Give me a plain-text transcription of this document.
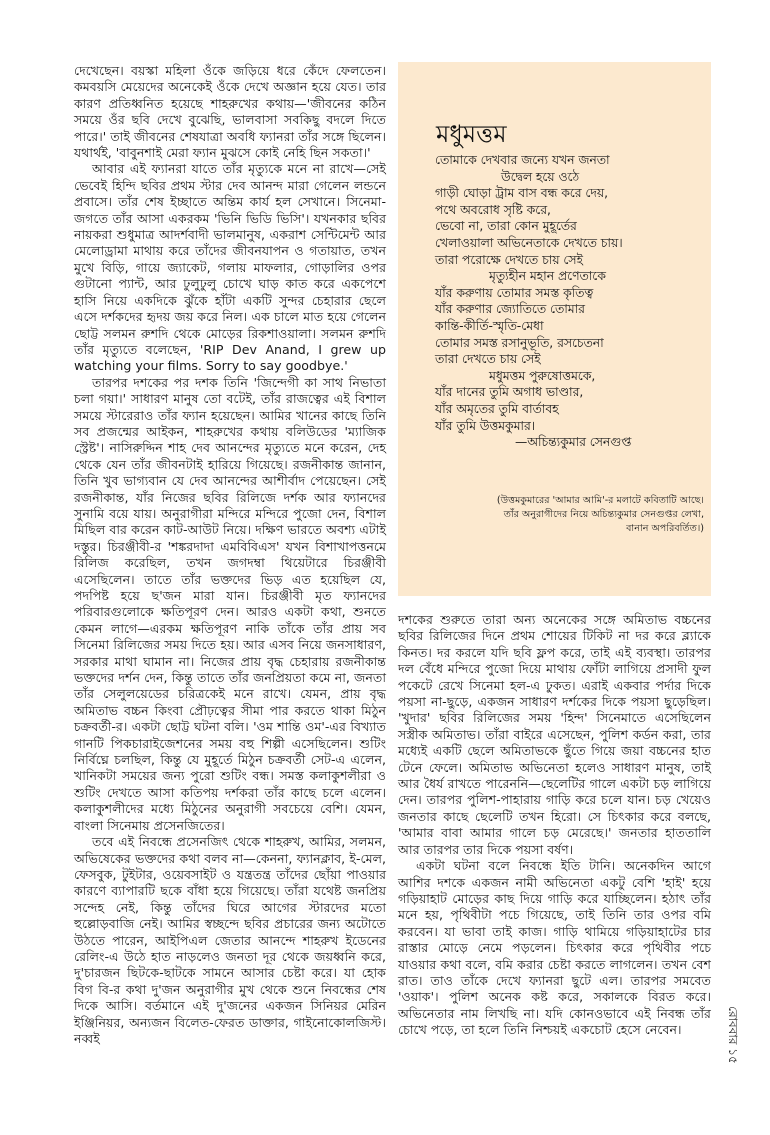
দেখেছেন। বয়স্কা মহিলা ওঁকে জড়িয়ে ধরে কেঁদে ফেলতেন। কমবয়সি মেয়েদের অনেকেই ওঁকে দেখে অজ্ঞান হয়ে যেত। তার কারণ প্রতিধ্বনিত হয়েছে শাহরুখের কথায়—'জীবনের কঠিন সময়ে ওঁর ছবি দেখে বুঝেছি, ভালবাসা সবকিছু বদলে দিতে পারে।' তাই জীবনের শেষযাত্রা অবধি ফ্যানরা তাঁর সঙ্গে ছিলেন। যথার্থই, 'বাবুনশাই মেরা ফ্যান মুঝসে কোই নেহি ছিন সকতা।'

আবার এই ফ্যানরা যাতে তাঁর মৃত্যুকে মনে না রাখে—সেই ভেবেই হিন্দি ছবির প্রথম স্টার দেব আনন্দ মারা গেলেন লন্ডনে প্রবাসে। তাঁর শেষ ইচ্ছাতে অন্তিম কার্য হল সেখানে। সিনেমা-জগতে তাঁর আসা একরকম 'ভিনি ভিডি ভিসি'। যখনকার ছবির নায়করা শুধুমাত্র আদর্শবাদী ভালমানুষ, একরাশ সেন্টিমেন্ট আর মেলোড্রামা মাথায় করে তাঁদের জীবনযাপন ও গতায়াত, তখন মুখে বিড়ি, গায়ে জ্যাকেট, গলায় মাফলার, গোড়ালির ওপর গুটানো প্যান্ট, আর ঢুলুঢুলু চোখে ঘাড় কাত করে একপেশে হাসি নিয়ে একদিকে ঝুঁকে হাঁটা একটি সুন্দর চেহারার ছেলে এসে দর্শকদের হৃদয় জয় করে নিল। এক চালে মাত হয়ে গেলেন ছোট্ট সলমন রুশদি থেকে মোড়ের রিকশাওয়ালা। সলমন রুশদি তাঁর মৃত্যুতে বলেছেন, 'RIP Dev Anand, I grew up watching your films. Sorry to say goodbye.'

তারপর দশকের পর দশক তিনি 'জিন্দেগী কা সাথ নিভাতা চলা গয়া।' সাধারণ মানুষ তো বটেই, তাঁর রাজত্বের এই বিশাল সময়ে স্টারেরাও তাঁর ফ্যান হয়েছেন। আমির খানের কাছে তিনি সব প্রজন্মের আইকন, শাহরুখের কথায় বলিউডের 'ম্যাজিক স্ট্রেষ্ট'। নাসিরুদ্দিন শাহ দেব আনন্দের মৃত্যুতে মনে করেন, দেহ থেকে যেন তাঁর জীবনটাই হারিয়ে গিয়েছে। রজনীকান্ত জানান, তিনি খুব ভাগ্যবান যে দেব আনন্দের আশীর্বাদ পেয়েছেন। সেই রজনীকান্ত, যাঁর নিজের ছবির রিলিজে দর্শক আর ফ্যানদের সুনামি বয়ে যায়। অনুরাগীরা মন্দিরে মন্দিরে পুজো দেন, বিশাল মিছিল বার করেন কাট-আউট নিয়ে। দক্ষিণ ভারতে অবশ্য এটাই দস্তুর। চিরঞ্জীবী-র 'শঙ্করদাদা এমবিবিএস' যখন বিশাখাপত্তনমে রিলিজ করেছিল, তখন জগদম্বা থিয়েটারে চিরঞ্জীবী এসেছিলেন। তাতে তাঁর ভক্তদের ভিড় এত হয়েছিল যে, পদপিষ্ট হয়ে ছ'জন মারা যান। চিরঞ্জীবী মৃত ফ্যানদের পরিবারগুলোকে ক্ষতিপূরণ দেন। আরও একটা কথা, শুনতে কেমন লাগে—এরকম ক্ষতিপূরণ নাকি তাঁকে তাঁর প্রায় সব সিনেমা রিলিজের সময় দিতে হয়। আর এসব নিয়ে জনসাধারণ, সরকার মাথা ঘামান না। নিজের প্রায় বৃদ্ধ চেহারায় রজনীকান্ত ভক্তদের দর্শন দেন, কিন্তু তাতে তাঁর জনপ্রিয়তা কমে না, জনতা তাঁর সেলুলয়েডের চরিত্রকেই মনে রাখে। যেমন, প্রায় বৃদ্ধ অমিতাভ বচ্চন কিংবা প্রৌঢ়ত্বের সীমা পার করতে থাকা মিঠুন চক্রবর্তী-র। একটা ছোট্ট ঘটনা বলি। 'ওম শান্তি ওম'-এর বিখ্যাত গানটি পিকচারাইজেশনের সময় বহু শিল্পী এসেছিলেন। শুটিং নির্বিঘ্নে চলছিল, কিন্তু যে মুহূর্তে মিঠুন চক্রবর্তী সেট-এ এলেন, খানিকটা সময়ের জন্য পুরো শুটিং বন্ধ। সমস্ত কলাকুশলীরা ও শুটিং দেখতে আসা কতিপয় দর্শকরা তাঁর কাছে চলে এলেন। কলাকুশলীদের মধ্যে মিঠুনের অনুরাগী সবচেয়ে বেশি। যেমন, বাংলা সিনেমায় প্রসেনজিতের।

তবে এই নিবন্ধে প্রসেনজিৎ থেকে শাহরুখ, আমির, সলমন, অভিষেকের ভক্তদের কথা বলব না—কেননা, ফ্যানক্লাব, ই-মেল, ফেসবুক, টুইটার, ওয়েবসাইট ও যন্ত্রতন্ত্র তাঁদের ছোঁয়া পাওয়ার কারণে ব্যাপারটি ছকে বাঁধা হয়ে গিয়েছে। তাঁরা যথেষ্ট জনপ্রিয় সন্দেহ নেই, কিন্তু তাঁদের ঘিরে আগের স্টারদের মতো হুল্লোড়বাজি নেই। আমির স্বচ্ছন্দে ছবির প্রচারের জন্য অটোতে উঠতে পারেন, আইপিএল জেতার আনন্দে শাহরুখ ইডেনের রেলিং-এ উঠে হাত নাড়লেও জনতা দূর থেকে জয়ধ্বনি করে, দু'চারজন ছিটকে-ছাটকে সামনে আসার চেষ্টা করে। যা হোক বিগ বি-র কথা দু'জন অনুরাগীর মুখ থেকে শুনে নিবন্ধের শেষ দিকে আসি। বর্তমানে এই দু'জনের একজন সিনিয়র মেরিন ইঞ্জিনিয়র, অন্যজন বিলেত-ফেরত ডাক্তার, গাইনোকোলজিস্ট। নব্বই

মধুমত্তম
তোমাকে দেখবার জন্যে যখন জনতা
উদ্বেল হয়ে ওঠে
গাড়ী ঘোড়া ট্রাম বাস বন্ধ করে দেয়,
পথে অবরোধ সৃষ্টি করে,
ভেবো না, তারা কোন মুহূর্তের
খেলাওয়ালা অভিনেতাকে দেখতে চায়।
তারা পরোক্ষে দেখতে চায় সেই
মৃত্যুহীন মহান প্রণেতাকে
যাঁর করুণায় তোমার সমস্ত কৃতিত্ব
যাঁর করুণার জ্যোতিতে তোমার
কান্তি-কীর্তি-স্মৃতি-মেধা
তোমার সমস্ত রসানুভূতি, রসচেতনা
তারা দেখতে চায় সেই
মধুমত্তম পুরুষোত্তমকে,
যাঁর দানের তুমি অগাধ ভাণ্ডার,
যাঁর অমৃতের তুমি বার্তাবহ
যাঁর তুমি উত্তমকুমার।
—অচিন্ত্যকুমার সেনগুপ্ত
(উত্তমকুমারের 'আমার আমি'-র মলাটে কবিতাটি আছে।
তাঁর অনুরাগীদের নিয়ে অচিন্ত্যকুমার সেনগুপ্তর লেখা,
বানান অপরিবর্তিত।)

দশকের শুরুতে তারা অন্য অনেকের সঙ্গে অমিতাভ বচ্চনের ছবির রিলিজের দিনে প্রথম শোয়ের টিকিট না দর করে ব্ল্যাকে কিনত। দর করলে যদি ছবি ফ্লপ করে, তাই এই ব্যবস্থা। তারপর দল বেঁধে মন্দিরে পুজো দিয়ে মাথায় ফোঁটা লাগিয়ে প্রসাদী ফুল পকেটে রেখে সিনেমা হল-এ ঢুকত। এরাই একবার পর্দার দিকে পয়সা না-ছুড়ে, একজন সাধারণ দর্শকের দিকে পয়সা ছুড়েছিল। 'খুদার' ছবির রিলিজের সময় 'হিন্দ' সিনেমাতে এসেছিলেন সস্ত্রীক অমিতাভ। তাঁরা বাইরে এসেছেন, পুলিশ কর্ডন করা, তার মধ্যেই একটি ছেলে অমিতাভকে ছুঁতে গিয়ে জয়া বচ্চনের হাত টেনে ফেলে। অমিতাভ অভিনেতা হলেও সাধারণ মানুষ, তাই আর ধৈর্য রাখতে পারেননি—ছেলেটির গালে একটা চড় লাগিয়ে দেন। তারপর পুলিশ-পাহারায় গাড়ি করে চলে যান। চড় খেয়েও জনতার কাছে ছেলেটি তখন হিরো। সে চিৎকার করে বলছে, 'আমার বাবা আমার গালে চড় মেরেছে।' জনতার হাততালি আর তারপর তার দিকে পয়সা বর্ষণ।

একটা ঘটনা বলে নিবন্ধে ইতি টানি। অনেকদিন আগে আশির দশকে একজন নামী অভিনেতা একটু বেশি 'হাই' হয়ে গড়িয়াহাট মোড়ের কাছ দিয়ে গাড়ি করে যাচ্ছিলেন। হঠাৎ তাঁর মনে হয়, পৃথিবীটা পচে গিয়েছে, তাই তিনি তার ওপর বমি করবেন। যা ভাবা তাই কাজ। গাড়ি থামিয়ে গড়িয়াহাটের চার রাস্তার মোড়ে নেমে পড়লেন। চিৎকার করে পৃথিবীর পচে যাওয়ার কথা বলে, বমি করার চেষ্টা করতে লাগলেন। তখন বেশ রাত। তাও তাঁকে দেখে ফ্যানরা ছুটে এল। তারপর সমবেত 'ওয়াক'। পুলিশ অনেক কষ্ট করে, সকালকে বিরত করে। অভিনেতার নাম লিখছি না। যদি কোনওভাবে এই নিবন্ধ তাঁর চোখে পড়ে, তা হলে তিনি নিশ্চয়ই একচোট হেসে নেবেন।	রোববার ১৫
